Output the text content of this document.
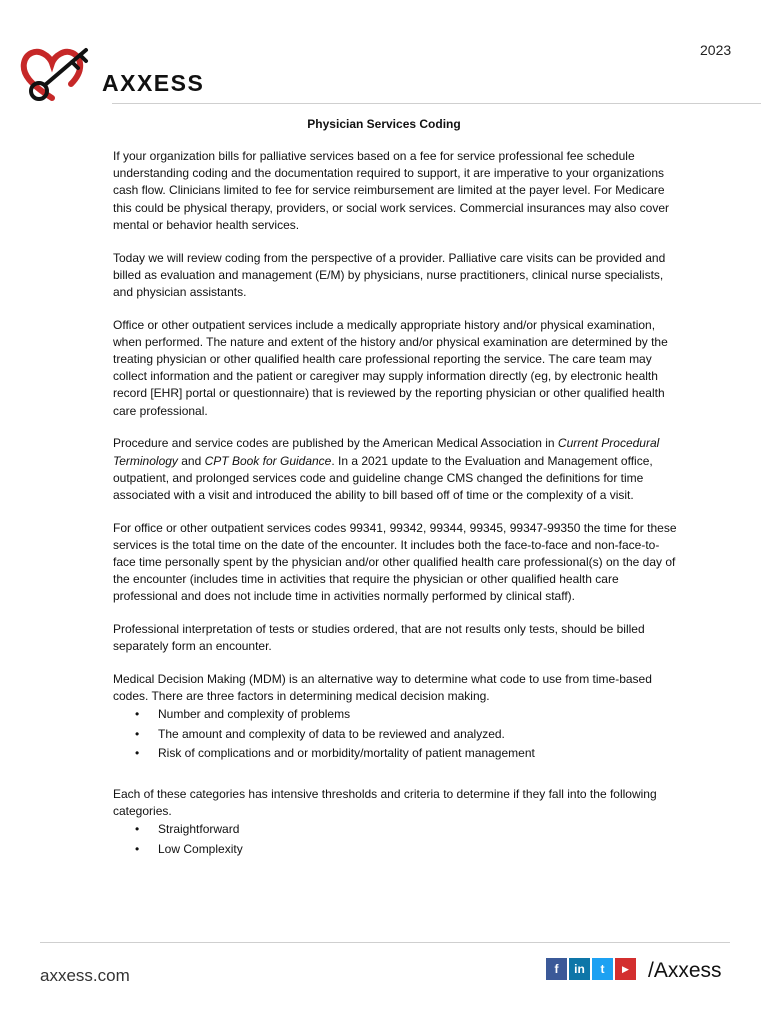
2023
AXXESS
Physician Services Coding

If your organization bills for palliative services based on a fee for service professional fee schedule understanding coding and the documentation required to support, it are imperative to your organizations cash flow. Clinicians limited to fee for service reimbursement are limited at the payer level. For Medicare this could be physical therapy, providers, or social work services. Commercial insurances may also cover mental or behavior health services.

Today we will review coding from the perspective of a provider. Palliative care visits can be provided and billed as evaluation and management (E/M) by physicians, nurse practitioners, clinical nurse specialists, and physician assistants.

Office or other outpatient services include a medically appropriate history and/or physical examination, when performed. The nature and extent of the history and/or physical examination are determined by the treating physician or other qualified health care professional reporting the service. The care team may collect information and the patient or caregiver may supply information directly (eg, by electronic health record [EHR] portal or questionnaire) that is reviewed by the reporting physician or other qualified health care professional.

Procedure and service codes are published by the American Medical Association in Current Procedural Terminology and CPT Book for Guidance. In a 2021 update to the Evaluation and Management office, outpatient, and prolonged services code and guideline change CMS changed the definitions for time associated with a visit and introduced the ability to bill based off of time or the complexity of a visit.

For office or other outpatient services codes 99341, 99342, 99344, 99345, 99347-99350 the time for these services is the total time on the date of the encounter. It includes both the face-to-face and non-face-to-face time personally spent by the physician and/or other qualified health care professional(s) on the day of the encounter (includes time in activities that require the physician or other qualified health care professional and does not include time in activities normally performed by clinical staff).

Professional interpretation of tests or studies ordered, that are not results only tests, should be billed separately form an encounter.

Medical Decision Making (MDM) is an alternative way to determine what code to use from time-based codes. There are three factors in determining medical decision making.

• Number and complexity of problems
• The amount and complexity of data to be reviewed and analyzed.
• Risk of complications and or morbidity/mortality of patient management

Each of these categories has intensive thresholds and criteria to determine if they fall into the following categories.

• Straightforward
• Low Complexity
axxess.com	f	in	t	▶ /Axxess
